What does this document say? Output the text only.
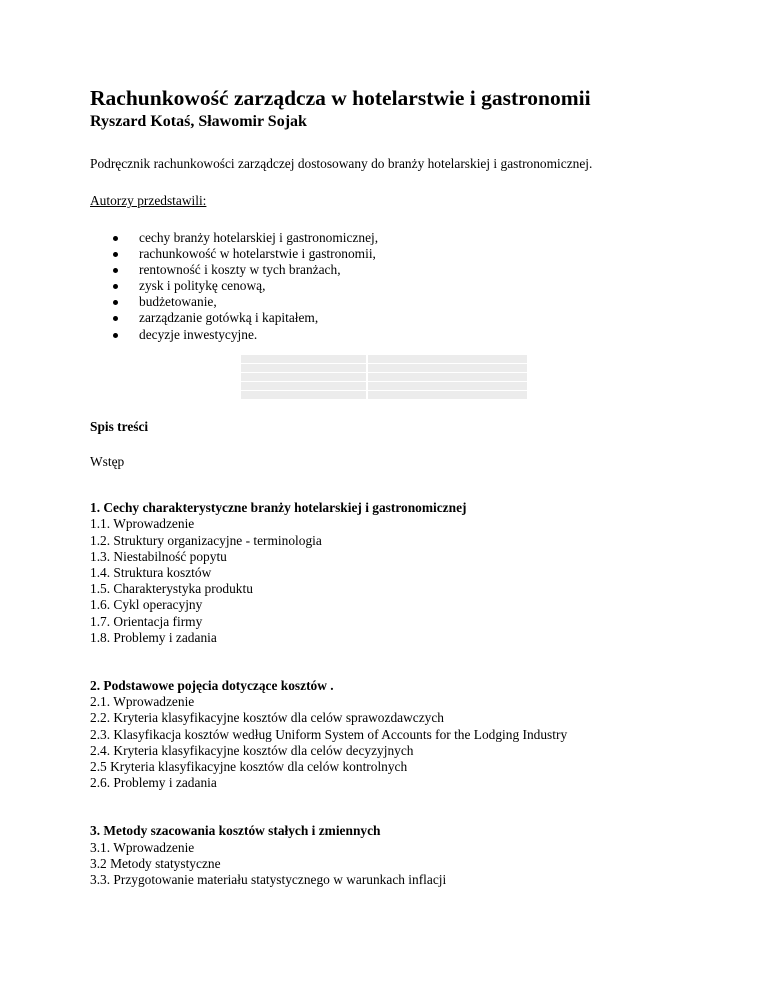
Rachunkowość zarządcza w hotelarstwie i gastronomii

Ryszard Kotaś, Sławomir Sojak

Podręcznik rachunkowości zarządczej dostosowany do branży hotelarskiej i gastronomicznej.

Autorzy przedstawili:

cechy branży hotelarskiej i gastronomicznej,
rachunkowość w hotelarstwie i gastronomii,
rentowność i koszty w tych branżach,
zysk i politykę cenową,
budżetowanie,
zarządzanie gotówką i kapitałem,
decyzje inwestycyjne.

Spis treści

Wstęp

1. Cechy charakterystyczne branży hotelarskiej i gastronomicznej

1.1. Wprowadzenie

1.2. Struktury organizacyjne - terminologia

1.3. Niestabilność popytu

1.4. Struktura kosztów

1.5. Charakterystyka produktu

1.6. Cykl operacyjny

1.7. Orientacja firmy

1.8. Problemy i zadania

2. Podstawowe pojęcia dotyczące kosztów .

2.1. Wprowadzenie

2.2. Kryteria klasyfikacyjne kosztów dla celów sprawozdawczych

2.3. Klasyfikacja kosztów według Uniform System of Accounts for the Lodging Industry

2.4. Kryteria klasyfikacyjne kosztów dla celów decyzyjnych

2.5 Kryteria klasyfikacyjne kosztów dla celów kontrolnych

2.6. Problemy i zadania

3. Metody szacowania kosztów stałych i zmiennych

3.1. Wprowadzenie

3.2 Metody statystyczne

3.3. Przygotowanie materiału statystycznego w warunkach inflacji
